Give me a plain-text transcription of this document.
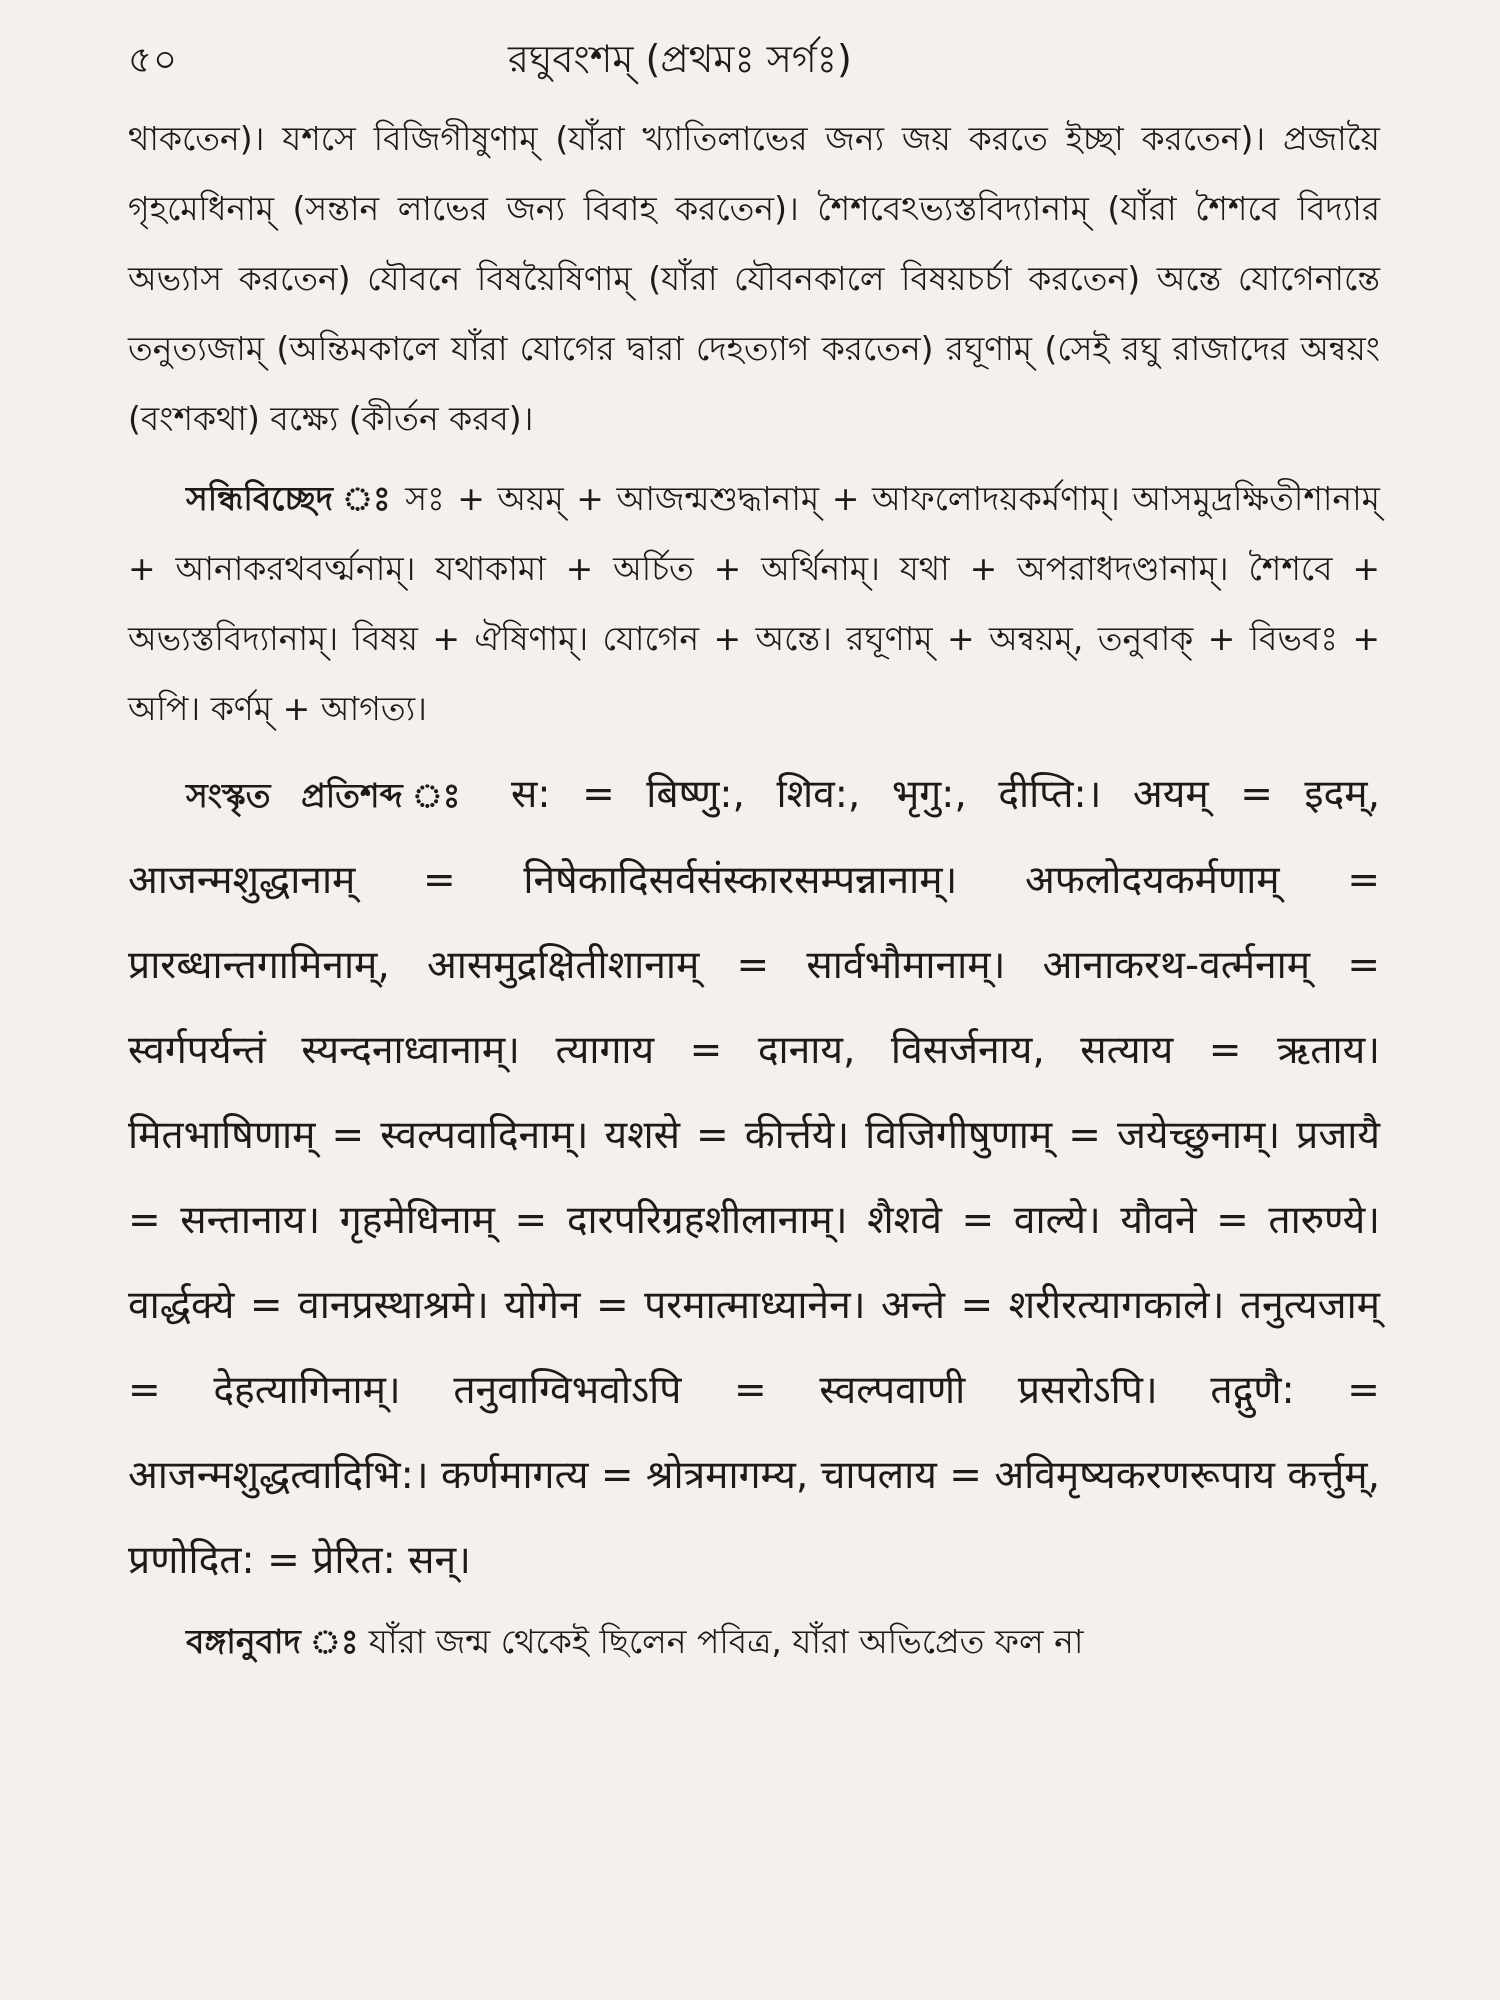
৫০	রঘুবংশম্ (প্রথমঃ সর্গঃ)

থাকতেন)। যশসে বিজিগীষুণাম্ (যাঁরা খ্যাতিলাভের জন্য জয় করতে ইচ্ছা করতেন)। প্রজায়ৈ গৃহমেধিনাম্ (সন্তান লাভের জন্য বিবাহ করতেন)। শৈশবেঽভ্যস্তবিদ্যানাম্ (যাঁরা শৈশবে বিদ্যার অভ্যাস করতেন) যৌবনে বিষয়ৈষিণাম্ (যাঁরা যৌবনকালে বিষয়চর্চা করতেন) অন্তে যোগেনান্তে তনুত্যজাম্ (অন্তিমকালে যাঁরা যোগের দ্বারা দেহত্যাগ করতেন) রঘূণাম্ (সেই রঘু রাজাদের অন্বয়ং (বংশকথা) বক্ষ্যে (কীর্তন করব)।

সন্ধিবিচ্ছেদ ঃ সঃ + অয়ম্ + আজন্মশুদ্ধানাম্ + আফলোদয়কর্মণাম্। আসমুদ্রক্ষিতীশানাম্ + আনাকরথবর্ত্মনাম্। যথাকামা + অর্চিত + অর্থিনাম্। যথা + অপরাধদণ্ডানাম্। শৈশবে + অভ্যস্তবিদ্যানাম্। বিষয় + ঐষিণাম্। যোগেন + অন্তে। রঘূণাম্ + অন্বয়ম্, তনুবাক্ + বিভবঃ + অপি। কর্ণম্ + আগত্য।

সংস্কৃত প্রতিশব্দ ঃ स: = बिष्णु:, शिव:, भृगु:, दीप्ति:। अयम् = इदम्, आजन्मशुद्धानाम् = निषेकादिसर्वसंस्कारसम्पन्नानाम्। अफलोदयकर्मणाम् = प्रारब्धान्तगामिनाम्, आसमुद्रक्षितीशानाम् = सार्वभौमानाम्। आनाकरथ-वर्त्मनाम् = स्वर्गपर्यन्तं स्यन्दनाध्वानाम्। त्यागाय = दानाय, विसर्जनाय, सत्याय = ऋताय। मितभाषिणाम् = स्वल्पवादिनाम्। यशसे = कीर्त्तये। विजिगीषुणाम् = जयेच्छुनाम्। प्रजायै = सन्तानाय। गृहमेधिनाम् = दारपरिग्रहशीलानाम्। शैशवे = वाल्ये। यौवने = तारुण्ये। वार्द्धक्ये = वानप्रस्थाश्रमे। योगेन = परमात्माध्यानेन। अन्ते = शरीरत्यागकाले। तनुत्यजाम् = देहत्यागिनाम्। तनुवाग्विभवोऽपि = स्वल्पवाणी प्रसरोऽपि। तद्गुणै: = आजन्मशुद्धत्वादिभि:। कर्णमागत्य = श्रोत्रमागम्य, चापलाय = अविमृष्यकरणरूपाय कर्त्तुम्, प्रणोदित: = प्रेरित: सन्।

বঙ্গানুবাদ ঃ যাঁরা জন্ম থেকেই ছিলেন পবিত্র, যাঁরা অভিপ্রেত ফল না
